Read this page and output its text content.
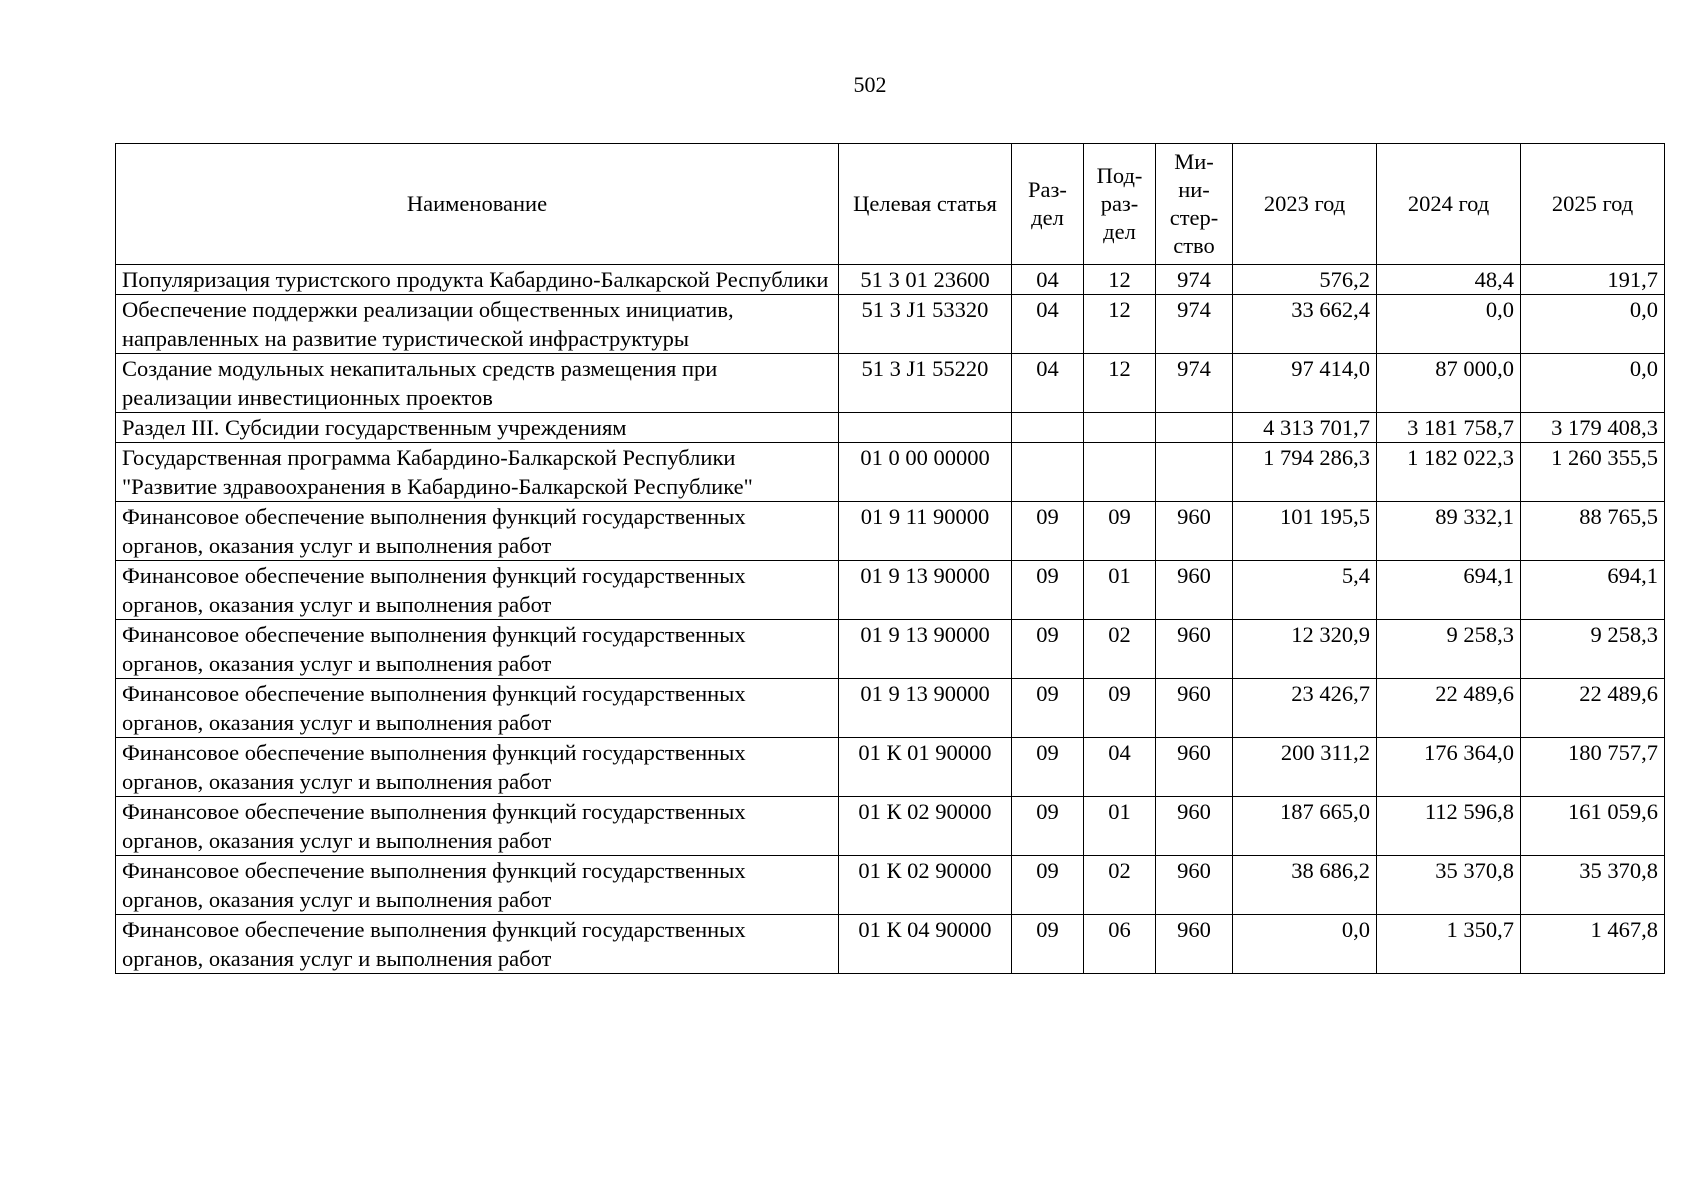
502
Наименование	Целевая статья	Раз-дел	Под-раз-дел	Ми-ни-стер-ство	2023 год	2024 год	2025 год
Популяризация туристского продукта Кабардино-Балкарской Республики	51 3 01 23600	04	12	974	576,2	48,4	191,7
Обеспечение поддержки реализации общественных инициатив, направленных на развитие туристической инфраструктуры	51 3 J1 53320	04	12	974	33 662,4	0,0	0,0
Создание модульных некапитальных средств размещения при реализации инвестиционных проектов	51 3 J1 55220	04	12	974	97 414,0	87 000,0	0,0
Раздел III. Субсидии государственным учреждениям					4 313 701,7	3 181 758,7	3 179 408,3
Государственная программа Кабардино-Балкарской Республики "Развитие здравоохранения в Кабардино-Балкарской Республике"	01 0 00 00000				1 794 286,3	1 182 022,3	1 260 355,5
Финансовое обеспечение выполнения функций государственных органов, оказания услуг и выполнения работ	01 9 11 90000	09	09	960	101 195,5	89 332,1	88 765,5
Финансовое обеспечение выполнения функций государственных органов, оказания услуг и выполнения работ	01 9 13 90000	09	01	960	5,4	694,1	694,1
Финансовое обеспечение выполнения функций государственных органов, оказания услуг и выполнения работ	01 9 13 90000	09	02	960	12 320,9	9 258,3	9 258,3
Финансовое обеспечение выполнения функций государственных органов, оказания услуг и выполнения работ	01 9 13 90000	09	09	960	23 426,7	22 489,6	22 489,6
Финансовое обеспечение выполнения функций государственных органов, оказания услуг и выполнения работ	01 К 01 90000	09	04	960	200 311,2	176 364,0	180 757,7
Финансовое обеспечение выполнения функций государственных органов, оказания услуг и выполнения работ	01 К 02 90000	09	01	960	187 665,0	112 596,8	161 059,6
Финансовое обеспечение выполнения функций государственных органов, оказания услуг и выполнения работ	01 К 02 90000	09	02	960	38 686,2	35 370,8	35 370,8
Финансовое обеспечение выполнения функций государственных органов, оказания услуг и выполнения работ	01 К 04 90000	09	06	960	0,0	1 350,7	1 467,8
